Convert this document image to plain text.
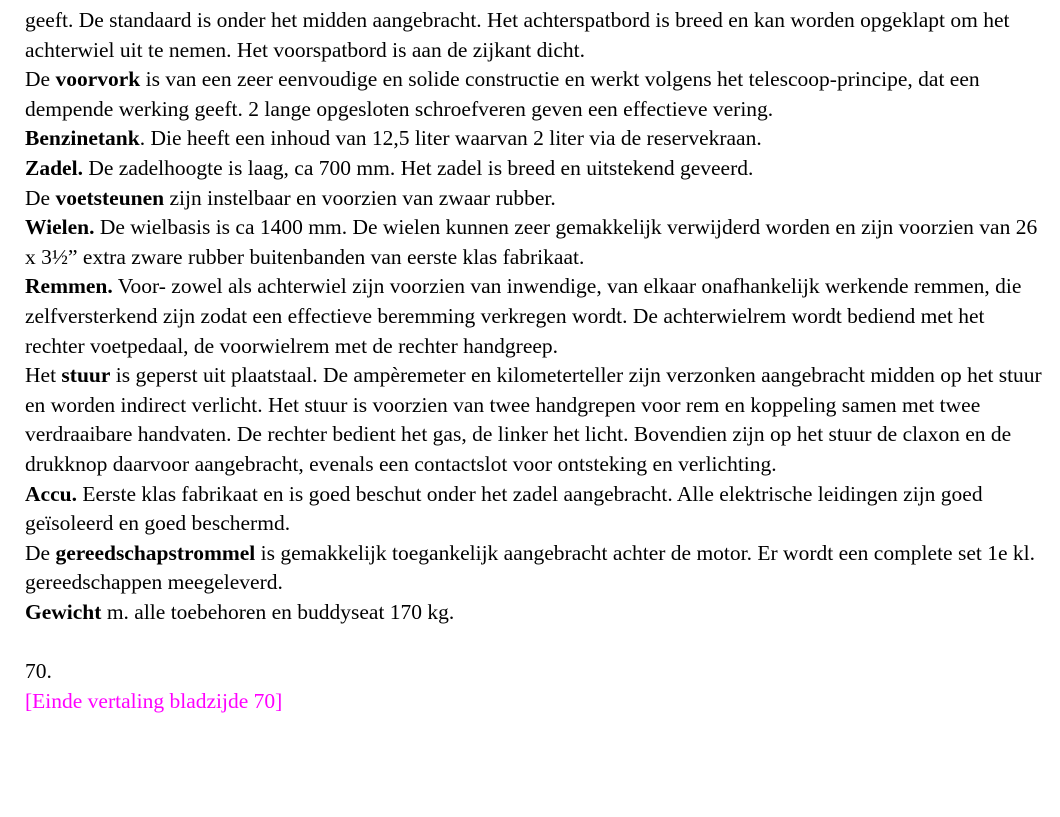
geeft. De standaard is onder het midden aangebracht. Het achterspatbord is breed en kan worden opgeklapt om het achterwiel uit te nemen. Het voorspatbord is aan de zijkant dicht.

De voorvork is van een zeer eenvoudige en solide constructie en werkt volgens het telescoop-principe, dat een dempende werking geeft. 2 lange opgesloten schroefveren geven een effectieve vering.

Benzinetank. Die heeft een inhoud van 12,5 liter waarvan 2 liter via de reservekraan.

Zadel. De zadelhoogte is laag, ca 700 mm. Het zadel is breed en uitstekend geveerd.

De voetsteunen zijn instelbaar en voorzien van zwaar rubber.

Wielen. De wielbasis is ca 1400 mm. De wielen kunnen zeer gemakkelijk verwijderd worden en zijn voorzien van 26 x 3½” extra zware rubber buitenbanden van eerste klas fabrikaat.

Remmen. Voor- zowel als achterwiel zijn voorzien van inwendige, van elkaar onafhankelijk werkende remmen, die zelfversterkend zijn zodat een effectieve beremming verkregen wordt. De achterwielrem wordt bediend met het rechter voetpedaal, de voorwielrem met de rechter handgreep.

Het stuur is geperst uit plaatstaal. De ampèremeter en kilometerteller zijn verzonken aangebracht midden op het stuur en worden indirect verlicht. Het stuur is voorzien van twee handgrepen voor rem en koppeling samen met twee verdraaibare handvaten. De rechter bedient het gas, de linker het licht. Bovendien zijn op het stuur de claxon en de drukknop daarvoor aangebracht, evenals een contactslot voor ontsteking en verlichting.

Accu. Eerste klas fabrikaat en is goed beschut onder het zadel aangebracht. Alle elektrische leidingen zijn goed geïsoleerd en goed beschermd.

De gereedschapstrommel is gemakkelijk toegankelijk aangebracht achter de motor. Er wordt een complete set 1e kl. gereedschappen meegeleverd.

Gewicht m. alle toebehoren en buddyseat 170 kg.

70.

[Einde vertaling bladzijde 70]
